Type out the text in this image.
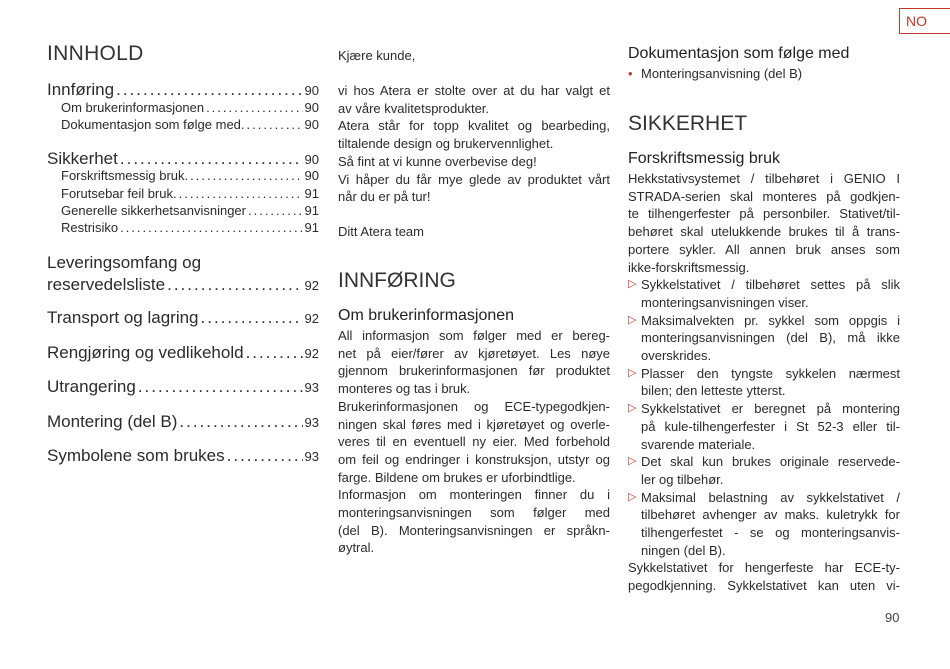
NO
INNHOLD
Innføring .....	90
Om brukerinformasjonen .....	90
Dokumentasjon som følge med. .....	90
Sikkerhet .....	90
Forskriftsmessig bruk. .....	90
Forutsebar feil bruk. .....	91
Generelle sikkerhetsanvisninger .....	91
Restrisiko .....	91
Leveringsomfang og
reservedelsliste .....	92
Transport og lagring .....	92
Rengjøring og vedlikehold .....	92
Utrangering .....	93
Montering (del B) .....	93
Symbolene som brukes .....	93
Kjære kunde,
vi hos Atera er stolte over at du har valgt et
av våre kvalitetsprodukter.
Atera står for topp kvalitet og bearbeding,
tiltalende design og brukervennlighet.
Så fint at vi kunne overbevise deg!
Vi håper du får mye glede av produktet vårt
når du er på tur!
Ditt Atera team
INNFØRING
Om brukerinformasjonen
All informasjon som følger med er bereg-
net på eier/fører av kjøretøyet. Les nøye
gjennom brukerinformasjonen før produktet
monteres og tas i bruk.
Brukerinformasjonen og ECE-typegodkjen-
ningen skal føres med i kjøretøyet og overle-
veres til en eventuell ny eier. Med forbehold
om feil og endringer i konstruksjon, utstyr og
farge. Bildene om brukes er uforbindtlige.
Informasjon om monteringen finner du i
monteringsanvisningen som følger med
(del B). Monteringsanvisningen er språkn-
øytral.
Dokumentasjon som følge med
• Monteringsanvisning (del B)
SIKKERHET
Forskriftsmessig bruk
Hekkstativsystemet / tilbehøret i GENIO I
STRADA-serien skal monteres på godkjen-
te tilhengerfester på personbiler. Stativet/til-
behøret skal utelukkende brukes til å trans-
portere sykler. All annen bruk anses som
ikke-forskriftsmessig.
▷ Sykkelstativet / tilbehøret settes på slik
monteringsanvisningen viser.
▷ Maksimalvekten pr. sykkel som oppgis i
monteringsanvisningen (del B), må ikke
overskrides.
▷ Plasser den tyngste sykkelen nærmest
bilen; den letteste ytterst.
▷ Sykkelstativet er beregnet på montering
på kule-tilhengerfester i St 52-3 eller til-
svarende materiale.
▷ Det skal kun brukes originale reservede-
ler og tilbehør.
▷ Maksimal belastning av sykkelstativet /
tilbehøret avhenger av maks. kuletrykk for
tilhengerfestet - se og monteringsanvis-
ningen (del B).
Sykkelstativet for hengerfeste har ECE-ty-
pegodkjenning. Sykkelstativet kan uten vi-
90
